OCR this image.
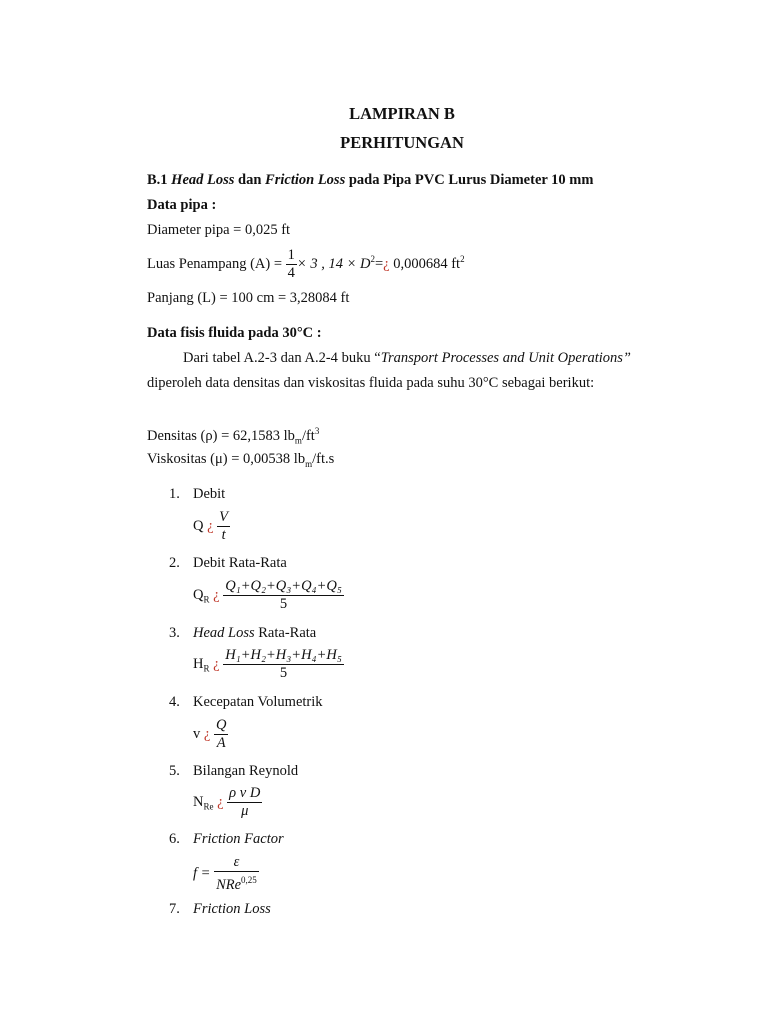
LAMPIRAN B
PERHITUNGAN
B.1 Head Loss dan Friction Loss pada Pipa PVC Lurus Diameter 10 mm
Data pipa :
Diameter pipa = 0,025 ft
Luas Penampang $(A) = \frac{1}{4} \times 3$ , $14 \times D^2=¿$ 0,000684 $ft^2$
Panjang (L) = 100 cm = 3,28084 ft
Data fisis fluida pada 30°C :
Dari tabel A.2-3 dan A.2-4 buku “Transport Processes and Unit Operations” diperoleh data densitas dan viskositas fluida pada suhu 30°C sebagai berikut:
Densitas (ρ) = 62,1583 $lb_m/ft^3$
Viskositas (μ) = 0,00538 $lb_m/ft.s$
1. Debit
Q ¿ $\frac{V}{t}$
2. Debit Rata-Rata
$Q_R$ ¿ $\frac{\text{Q₁+Q₂+Q₃+Q₄+Q₅}}{5}$
3. Head Loss Rata-Rata
$H_R$ ¿ $\frac{\text{H₁+H₂+H₃+H₄+H₅}}{5}$
4. Kecepatan Volumetrik
v ¿ $\frac{Q}{A}$
5. Bilangan Reynold
$N_{Re}$ ¿ $\frac{\text{ρ v D}}{\mu}$
6. Friction Factor
$f = \frac{\varepsilon}{NRe^{0,25}}$
7. Friction Loss
